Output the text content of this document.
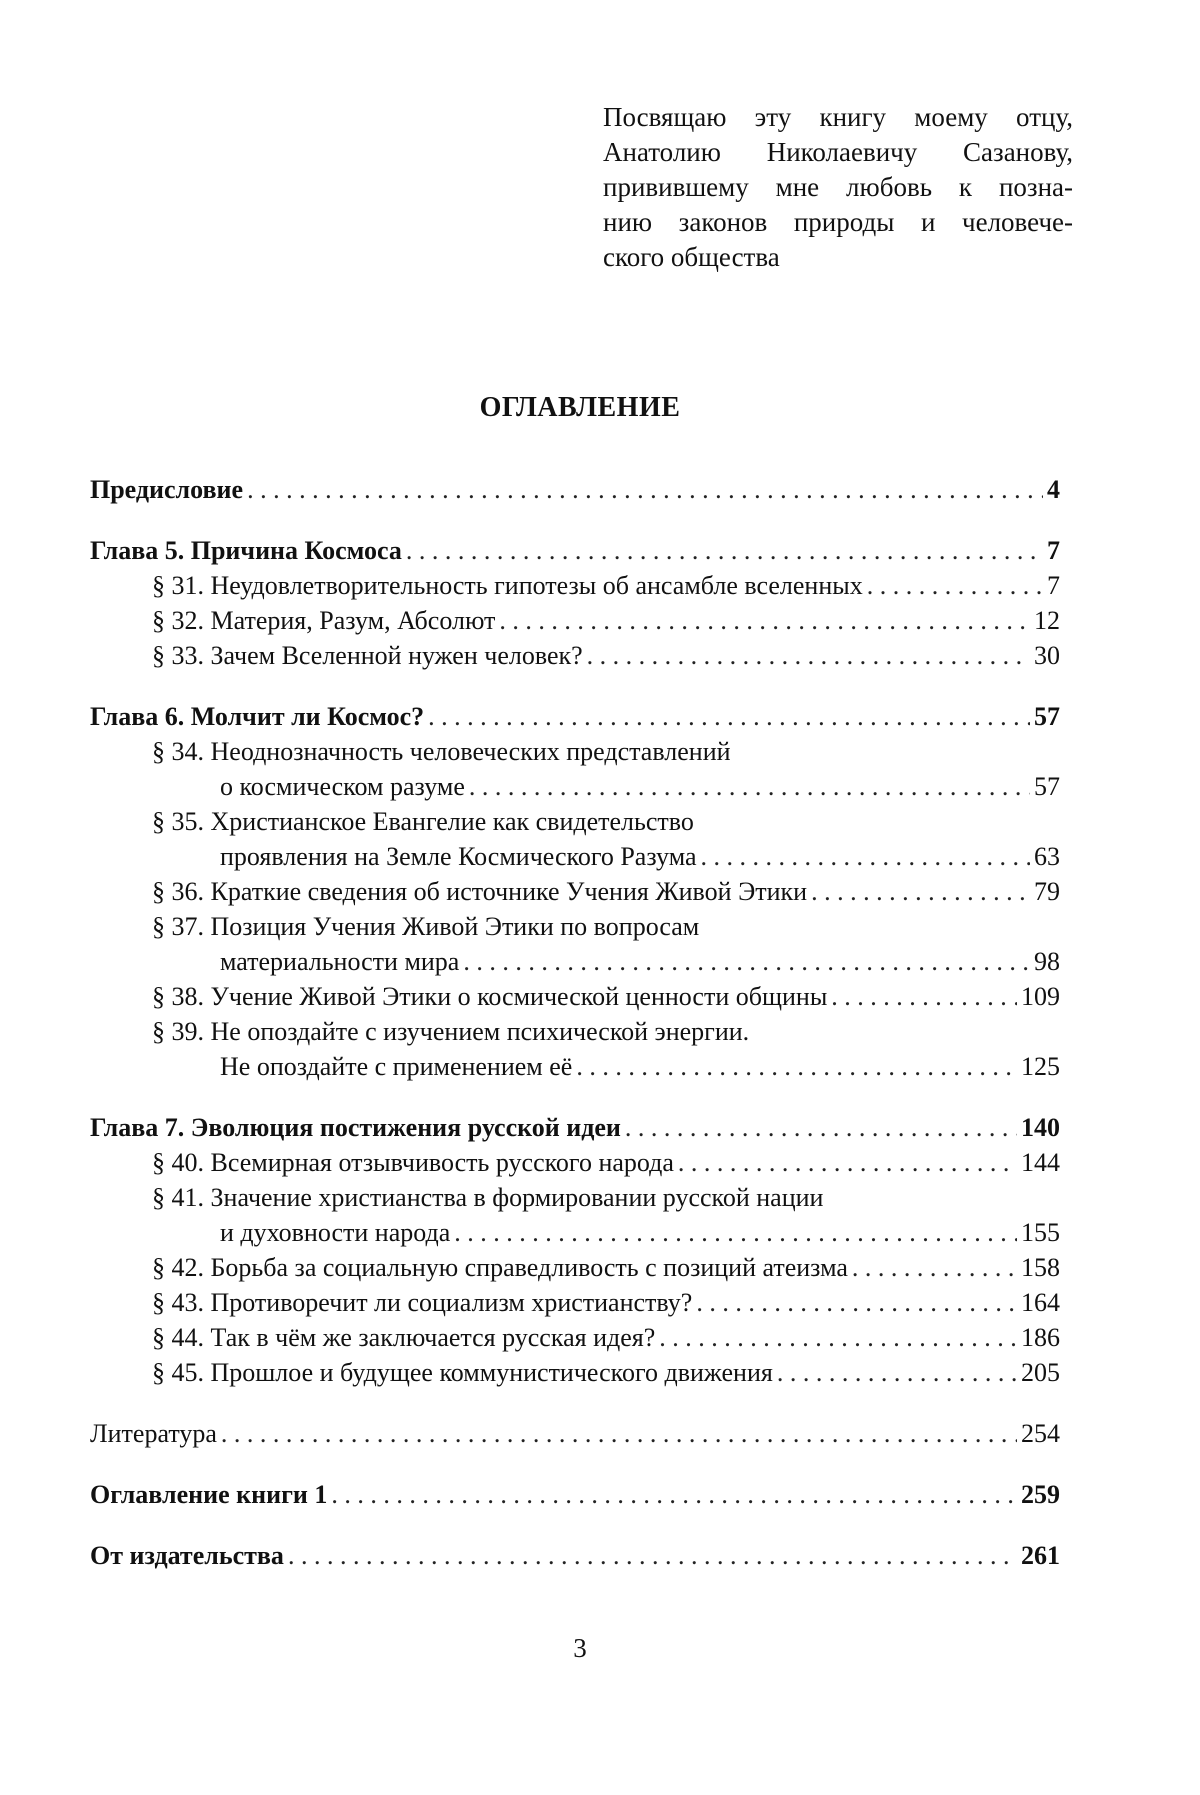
Посвящаю эту книгу моему отцу,
Анатолию Николаевичу Сазанову,
привившему мне любовь к позна-
нию законов природы и человече-
ского общества
ОГЛАВЛЕНИЕ
Предисловие . . .	4
Глава 5. Причина Космоса . . .	7
§ 31. Неудовлетворительность гипотезы об ансамбле вселенных . . .	7
§ 32. Материя, Разум, Абсолют . . .	12
§ 33. Зачем Вселенной нужен человек? . . .	30
Глава 6. Молчит ли Космос? . . .	57
§ 34. Неоднозначность человеческих представлений
о космическом разуме . . .	57
§ 35. Христианское Евангелие как свидетельство
проявления на Земле Космического Разума . . .	63
§ 36. Краткие сведения об источнике Учения Живой Этики . . .	79
§ 37. Позиция Учения Живой Этики по вопросам
материальности мира . . .	98
§ 38. Учение Живой Этики о космической ценности общины . . .	109
§ 39. Не опоздайте с изучением психической энергии.
Не опоздайте с применением её . . .	125
Глава 7. Эволюция постижения русской идеи . . .	140
§ 40. Всемирная отзывчивость русского народа . . .	144
§ 41. Значение христианства в формировании русской нации
и духовности народа . . .	155
§ 42. Борьба за социальную справедливость с позиций атеизма . . .	158
§ 43. Противоречит ли социализм христианству? . . .	164
§ 44. Так в чём же заключается русская идея? . . .	186
§ 45. Прошлое и будущее коммунистического движения . . .	205
Литература . . .	254
Оглавление книги 1 . . .	259
От издательства . . .	261
3
